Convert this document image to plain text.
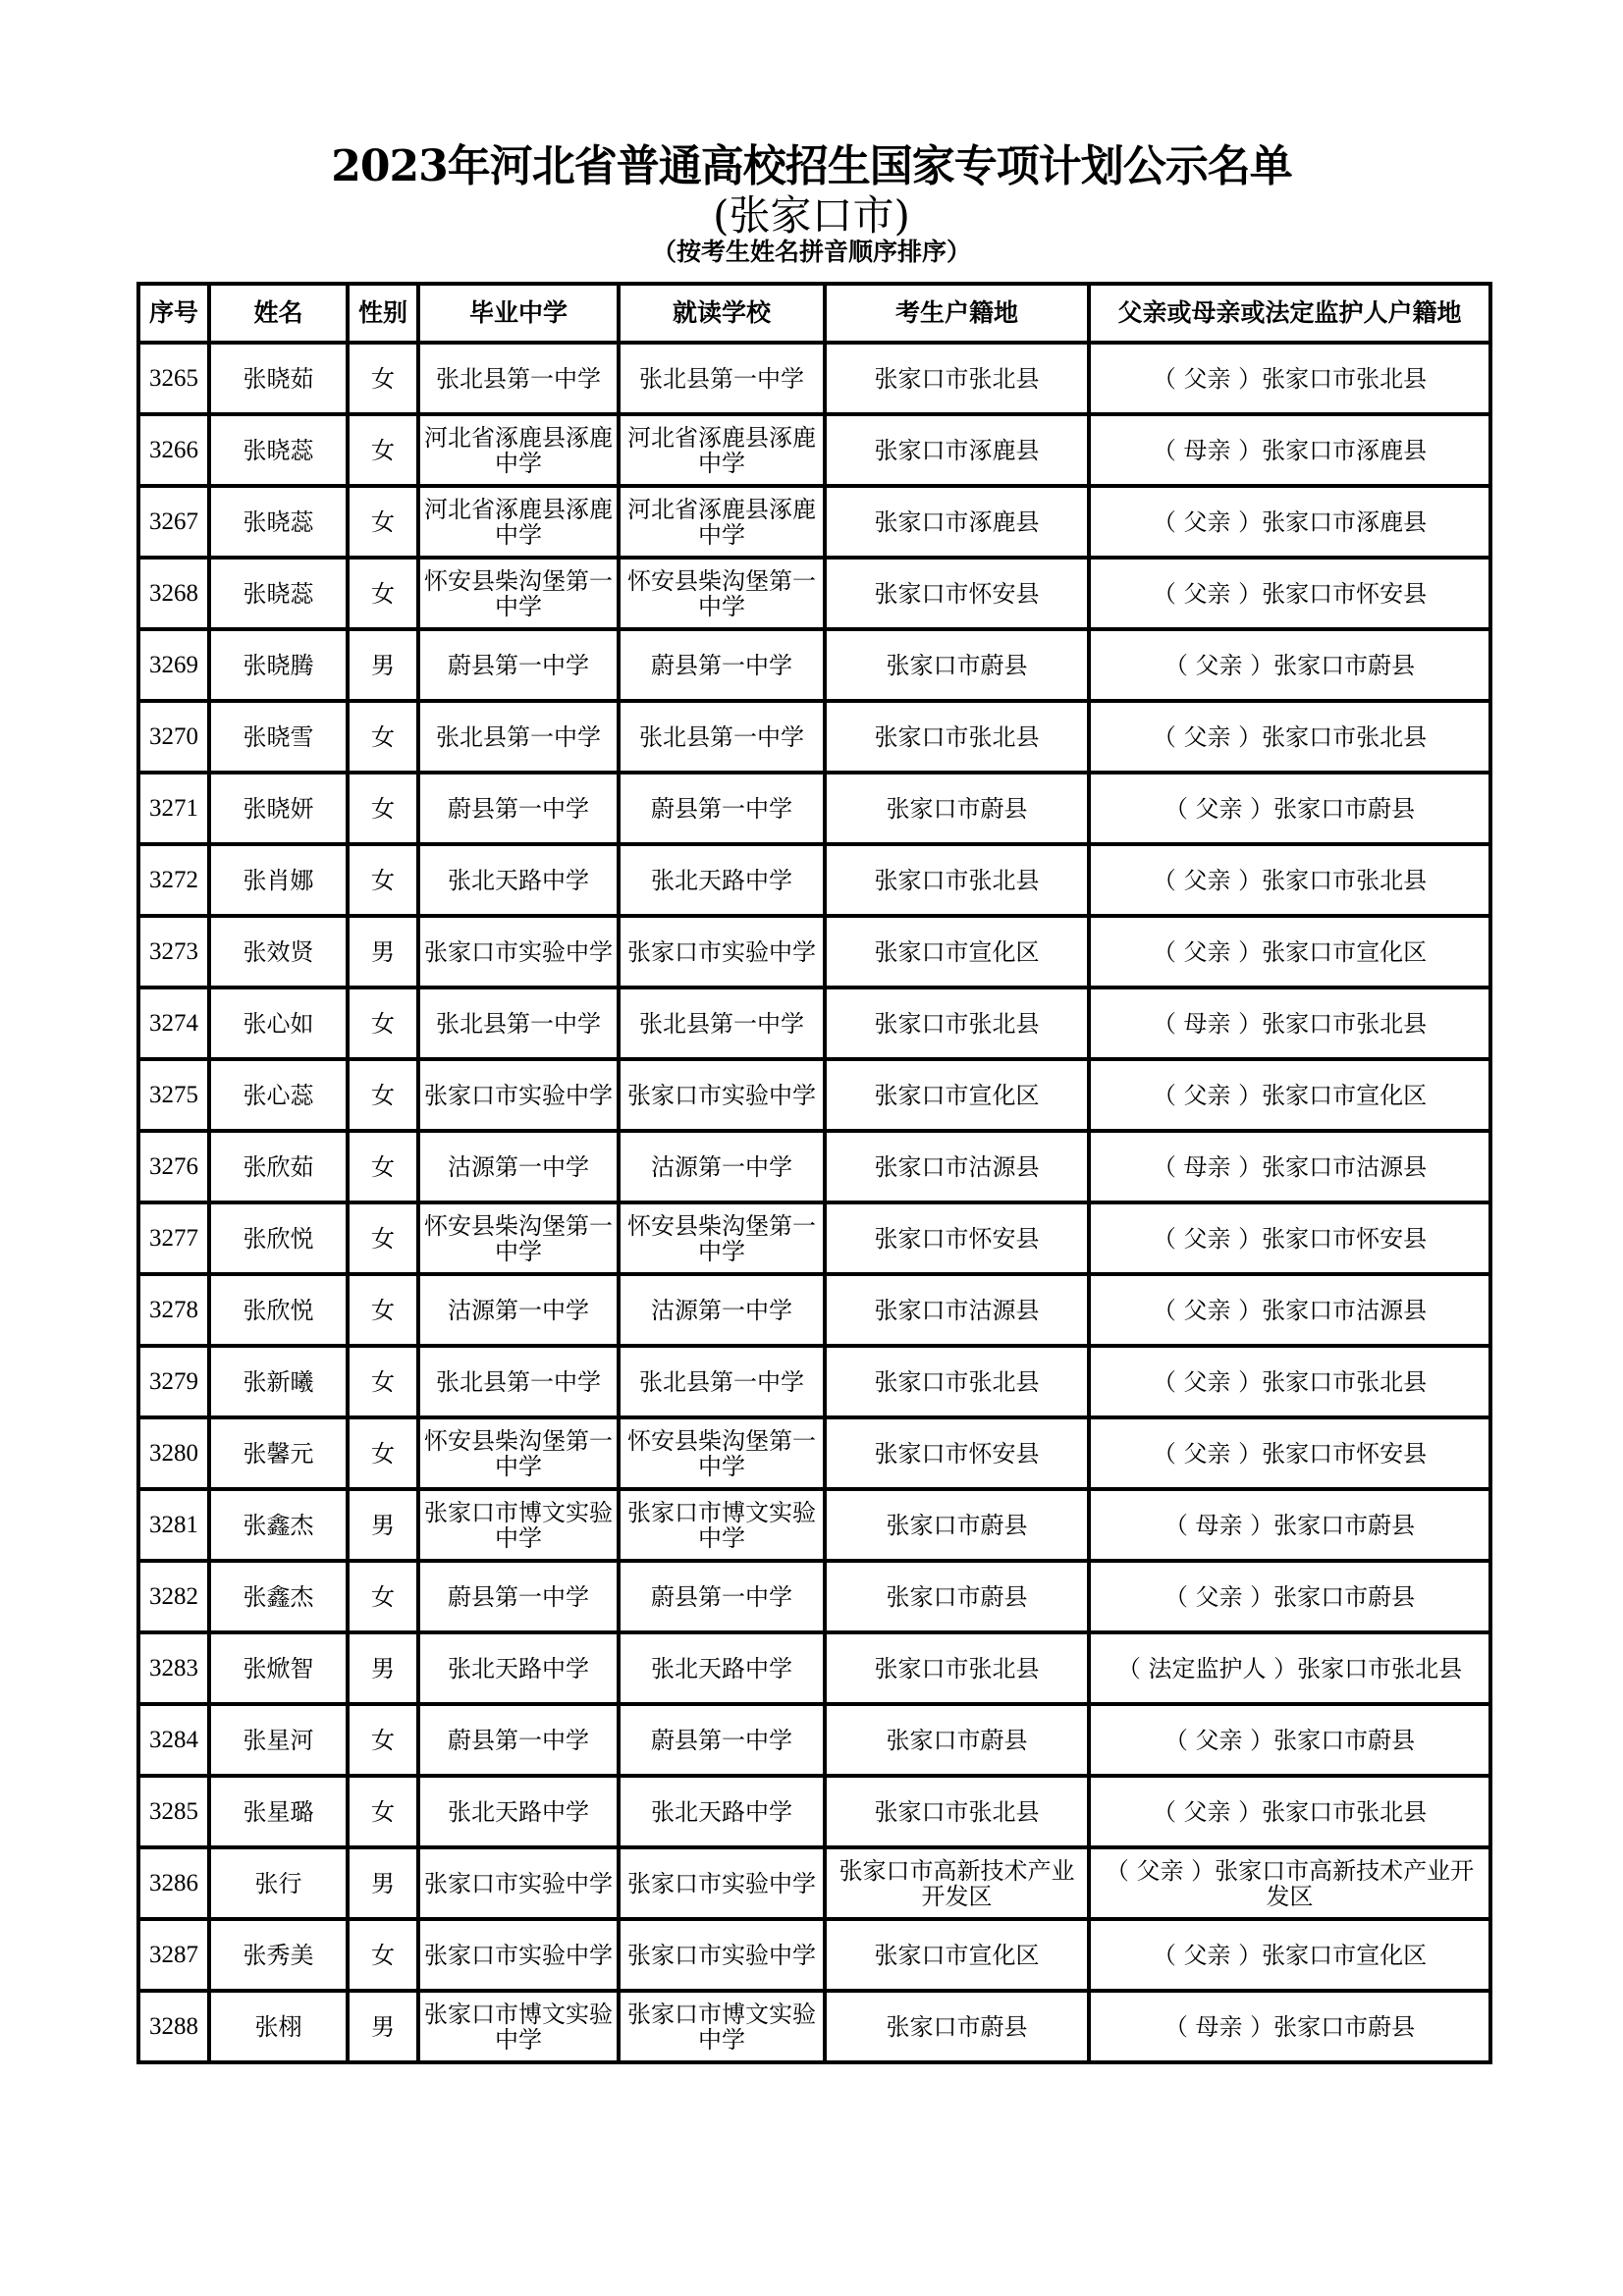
2023年河北省普通高校招生国家专项计划公示名单
(张家口市)
（按考生姓名拼音顺序排序）
序号	姓名	性别	毕业中学	就读学校	考生户籍地	父亲或母亲或法定监护人户籍地
3265	张晓茹	女	张北县第一中学	张北县第一中学	张家口市张北县	（ 父亲 ）张家口市张北县
3266	张晓蕊	女	河北省涿鹿县涿鹿中学	河北省涿鹿县涿鹿中学	张家口市涿鹿县	（ 母亲 ）张家口市涿鹿县
3267	张晓蕊	女	河北省涿鹿县涿鹿中学	河北省涿鹿县涿鹿中学	张家口市涿鹿县	（ 父亲 ）张家口市涿鹿县
3268	张晓蕊	女	怀安县柴沟堡第一中学	怀安县柴沟堡第一中学	张家口市怀安县	（ 父亲 ）张家口市怀安县
3269	张晓腾	男	蔚县第一中学	蔚县第一中学	张家口市蔚县	（ 父亲 ）张家口市蔚县
3270	张晓雪	女	张北县第一中学	张北县第一中学	张家口市张北县	（ 父亲 ）张家口市张北县
3271	张晓妍	女	蔚县第一中学	蔚县第一中学	张家口市蔚县	（ 父亲 ）张家口市蔚县
3272	张肖娜	女	张北天路中学	张北天路中学	张家口市张北县	（ 父亲 ）张家口市张北县
3273	张效贤	男	张家口市实验中学	张家口市实验中学	张家口市宣化区	（ 父亲 ）张家口市宣化区
3274	张心如	女	张北县第一中学	张北县第一中学	张家口市张北县	（ 母亲 ）张家口市张北县
3275	张心蕊	女	张家口市实验中学	张家口市实验中学	张家口市宣化区	（ 父亲 ）张家口市宣化区
3276	张欣茹	女	沽源第一中学	沽源第一中学	张家口市沽源县	（ 母亲 ）张家口市沽源县
3277	张欣悦	女	怀安县柴沟堡第一中学	怀安县柴沟堡第一中学	张家口市怀安县	（ 父亲 ）张家口市怀安县
3278	张欣悦	女	沽源第一中学	沽源第一中学	张家口市沽源县	（ 父亲 ）张家口市沽源县
3279	张新曦	女	张北县第一中学	张北县第一中学	张家口市张北县	（ 父亲 ）张家口市张北县
3280	张馨元	女	怀安县柴沟堡第一中学	怀安县柴沟堡第一中学	张家口市怀安县	（ 父亲 ）张家口市怀安县
3281	张鑫杰	男	张家口市博文实验中学	张家口市博文实验中学	张家口市蔚县	（ 母亲 ）张家口市蔚县
3282	张鑫杰	女	蔚县第一中学	蔚县第一中学	张家口市蔚县	（ 父亲 ）张家口市蔚县
3283	张焮智	男	张北天路中学	张北天路中学	张家口市张北县	（ 法定监护人 ）张家口市张北县
3284	张星河	女	蔚县第一中学	蔚县第一中学	张家口市蔚县	（ 父亲 ）张家口市蔚县
3285	张星璐	女	张北天路中学	张北天路中学	张家口市张北县	（ 父亲 ）张家口市张北县
3286	张行	男	张家口市实验中学	张家口市实验中学	张家口市高新技术产业开发区	（ 父亲 ）张家口市高新技术产业开发区
3287	张秀美	女	张家口市实验中学	张家口市实验中学	张家口市宣化区	（ 父亲 ）张家口市宣化区
3288	张栩	男	张家口市博文实验中学	张家口市博文实验中学	张家口市蔚县	（ 母亲 ）张家口市蔚县
